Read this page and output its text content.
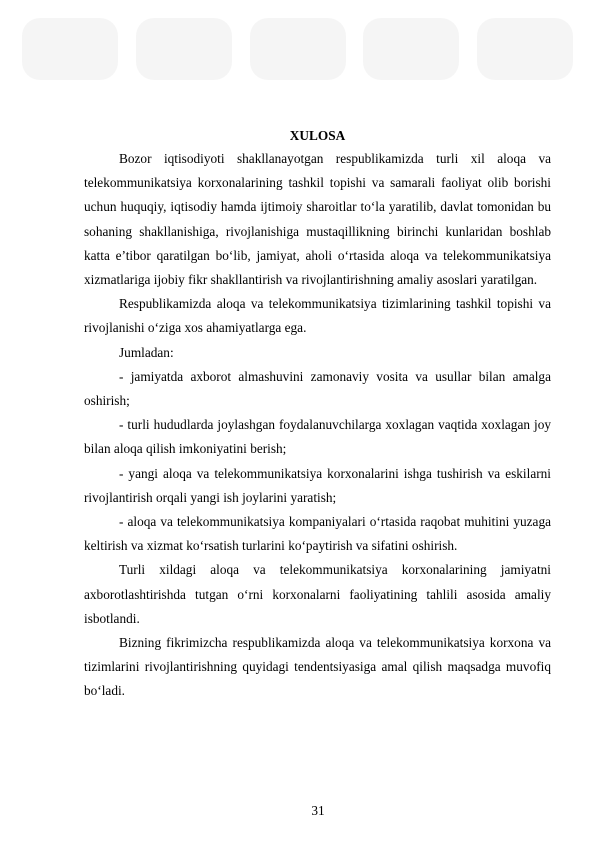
XULOSA

Bozor iqtisodiyoti shakllanayotgan respublikamizda turli xil aloqa va telekommunikatsiya korxonalarining tashkil topishi va samarali faoliyat olib borishi uchun huquqiy, iqtisodiy hamda ijtimoiy sharoitlar to‘la yaratilib, davlat tomonidan bu sohaning shakllanishiga, rivojlanishiga mustaqillikning birinchi kunlaridan boshlab katta e’tibor qaratilgan bo‘lib, jamiyat, aholi o‘rtasida aloqa va telekommunikatsiya xizmatlariga ijobiy fikr shakllantirish va rivojlantirishning amaliy asoslari yaratilgan.

Respublikamizda aloqa va telekommunikatsiya tizimlarining tashkil topishi va rivojlanishi o‘ziga xos ahamiyatlarga ega.

Jumladan:

- jamiyatda axborot almashuvini zamonaviy vosita va usullar bilan amalga oshirish;

- turli hududlarda joylashgan foydalanuvchilarga xoxlagan vaqtida xoxlagan joy bilan aloqa qilish imkoniyatini berish;

- yangi aloqa va telekommunikatsiya korxonalarini ishga tushirish va eskilarni rivojlantirish orqali yangi ish joylarini yaratish;

- aloqa va telekommunikatsiya kompaniyalari o‘rtasida raqobat muhitini yuzaga keltirish va xizmat ko‘rsatish turlarini ko‘paytirish va sifatini oshirish.

Turli xildagi aloqa va telekommunikatsiya korxonalarining jamiyatni axborotlashtirishda tutgan o‘rni korxonalarni faoliyatining tahlili asosida amaliy isbotlandi.

Bizning fikrimizcha respublikamizda aloqa va telekommunikatsiya korxona va tizimlarini rivojlantirishning quyidagi tendentsiyasiga amal qilish maqsadga muvofiq bo‘ladi.

31
